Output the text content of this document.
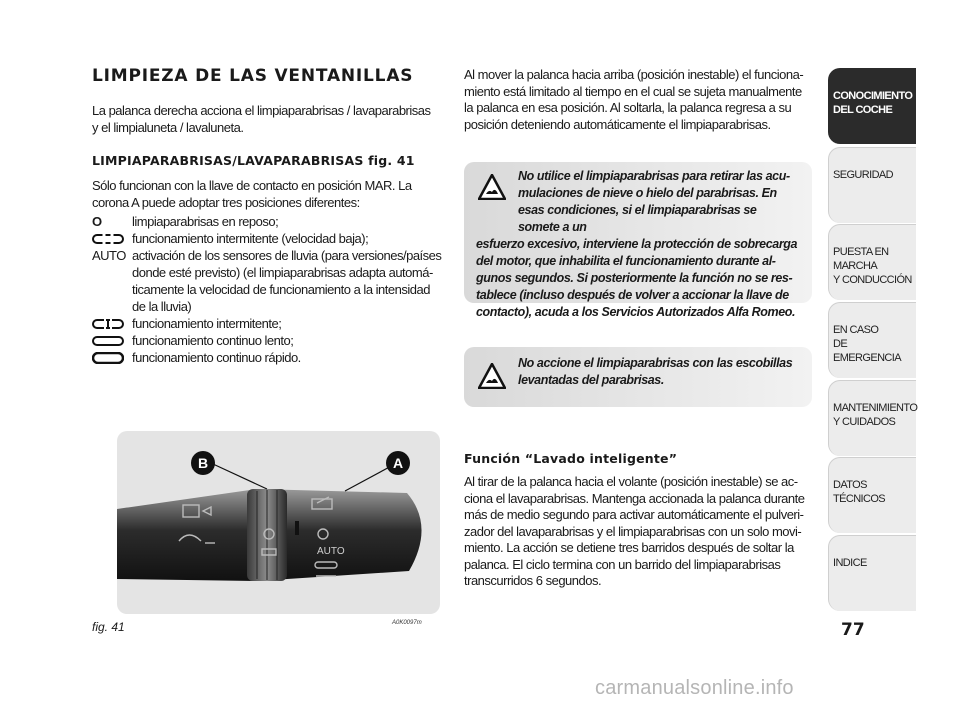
LIMPIEZA DE LAS VENTANILLAS
La palanca derecha acciona el limpiaparabrisas / lavaparabrisas y el limpialuneta / lavaluneta.
LIMPIAPARABRISAS/LAVAPARABRISAS fig. 41
Sólo funcionan con la llave de contacto en posición MAR. La corona A puede adoptar tres posiciones diferentes:
O limpiaparabrisas en reposo;
funcionamiento intermitente (velocidad baja);
AUTO activación de los sensores de lluvia (para versiones/países donde esté previsto) (el limpiaparabrisas adapta automáticamente la velocidad de funcionamiento a la intensidad de la lluvia)
funcionamiento intermitente;
funcionamiento continuo lento;
funcionamiento continuo rápido.
AUTO
B	A
fig. 41	A0K0097m
Al mover la palanca hacia arriba (posición inestable) el funcionamiento está limitado al tiempo en el cual se sujeta manualmente la palanca en esa posición. Al soltarla, la palanca regresa a su posición deteniendo automáticamente el limpiaparabrisas.
No utilice el limpiaparabrisas para retirar las acumulaciones de nieve o hielo del parabrisas. En esas condiciones, si el limpiaparabrisas se somete a un
esfuerzo excesivo, interviene la protección de sobrecarga del motor, que inhabilita el funcionamiento durante algunos segundos. Si posteriormente la función no se restablece (incluso después de volver a accionar la llave de contacto), acuda a los Servicios Autorizados Alfa Romeo.
No accione el limpiaparabrisas con las escobillas levantadas del parabrisas.
Función “Lavado inteligente”
Al tirar de la palanca hacia el volante (posición inestable) se acciona el lavaparabrisas. Mantenga accionada la palanca durante más de medio segundo para activar automáticamente el pulverizador del lavaparabrisas y el limpiaparabrisas con un solo movimiento. La acción se detiene tres barridos después de soltar la palanca. El ciclo termina con un barrido del limpiaparabrisas transcurridos 6 segundos.
CONOCIMIENTO
DEL COCHE
SEGURIDAD
PUESTA EN MARCHA
Y CONDUCCIÓN
EN CASO
DE EMERGENCIA
MANTENIMIENTO
Y CUIDADOS
DATOS TÉCNICOS
INDICE
77
carmanualsonline.info
